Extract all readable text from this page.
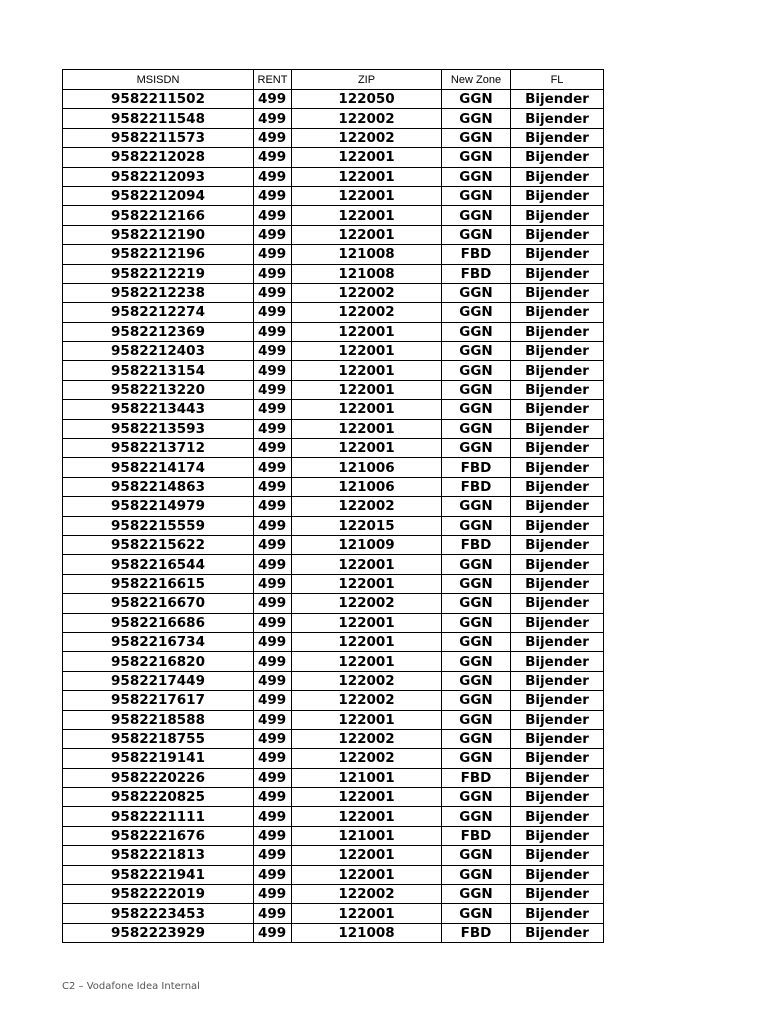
MSISDN	RENT	ZIP	New Zone	FL
9582211502	499	122050	GGN	Bijender
9582211548	499	122002	GGN	Bijender
9582211573	499	122002	GGN	Bijender
9582212028	499	122001	GGN	Bijender
9582212093	499	122001	GGN	Bijender
9582212094	499	122001	GGN	Bijender
9582212166	499	122001	GGN	Bijender
9582212190	499	122001	GGN	Bijender
9582212196	499	121008	FBD	Bijender
9582212219	499	121008	FBD	Bijender
9582212238	499	122002	GGN	Bijender
9582212274	499	122002	GGN	Bijender
9582212369	499	122001	GGN	Bijender
9582212403	499	122001	GGN	Bijender
9582213154	499	122001	GGN	Bijender
9582213220	499	122001	GGN	Bijender
9582213443	499	122001	GGN	Bijender
9582213593	499	122001	GGN	Bijender
9582213712	499	122001	GGN	Bijender
9582214174	499	121006	FBD	Bijender
9582214863	499	121006	FBD	Bijender
9582214979	499	122002	GGN	Bijender
9582215559	499	122015	GGN	Bijender
9582215622	499	121009	FBD	Bijender
9582216544	499	122001	GGN	Bijender
9582216615	499	122001	GGN	Bijender
9582216670	499	122002	GGN	Bijender
9582216686	499	122001	GGN	Bijender
9582216734	499	122001	GGN	Bijender
9582216820	499	122001	GGN	Bijender
9582217449	499	122002	GGN	Bijender
9582217617	499	122002	GGN	Bijender
9582218588	499	122001	GGN	Bijender
9582218755	499	122002	GGN	Bijender
9582219141	499	122002	GGN	Bijender
9582220226	499	121001	FBD	Bijender
9582220825	499	122001	GGN	Bijender
9582221111	499	122001	GGN	Bijender
9582221676	499	121001	FBD	Bijender
9582221813	499	122001	GGN	Bijender
9582221941	499	122001	GGN	Bijender
9582222019	499	122002	GGN	Bijender
9582223453	499	122001	GGN	Bijender
9582223929	499	121008	FBD	Bijender
C2 – Vodafone Idea Internal
